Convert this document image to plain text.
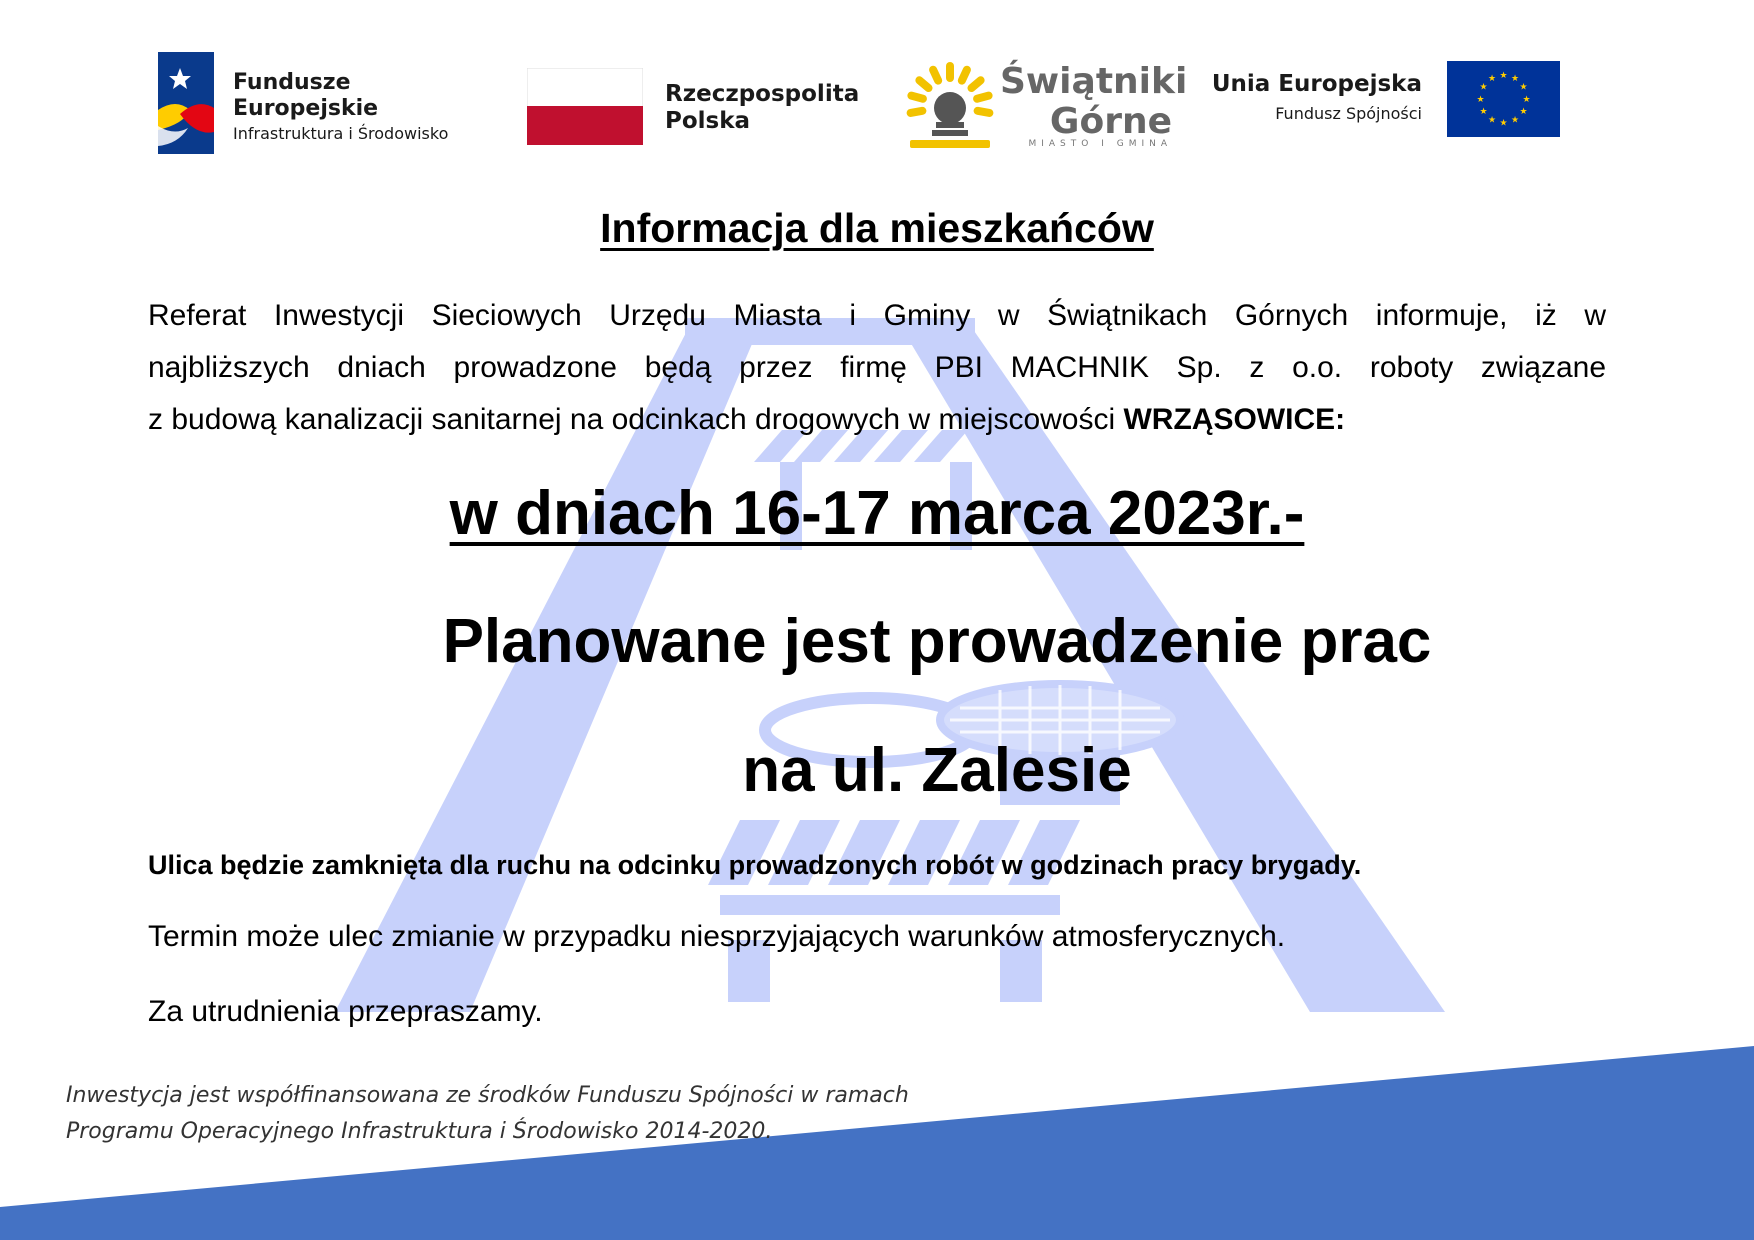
Fundusze
Europejskie
Infrastruktura i Środowisko
Rzeczpospolita
Polska
Świątniki
Górne
MIASTO I GMINA
Unia Europejska
Fundusz Spójności
★ ★
★
★
★
★
★
★
★
★
★
★
Informacja dla mieszkańców
Referat Inwestycji Sieciowych Urzędu Miasta i Gminy w Świątnikach Górnych informuje, iż w
najbliższych dniach prowadzone będą przez firmę PBI MACHNIK Sp. z o.o. roboty związane
z budową kanalizacji sanitarnej na odcinkach drogowych w miejscowości WRZĄSOWICE:
w dniach 16-17 marca 2023r.-
Planowane jest prowadzenie prac
na ul. Zalesie
Ulica będzie zamknięta dla ruchu na odcinku prowadzonych robót w godzinach pracy brygady.
Termin może ulec zmianie w przypadku niesprzyjających warunków atmosferycznych.
Za utrudnienia przepraszamy.
Inwestycja jest współfinansowana ze środków Funduszu Spójności w ramach
Programu Operacyjnego Infrastruktura i Środowisko 2014-2020.
